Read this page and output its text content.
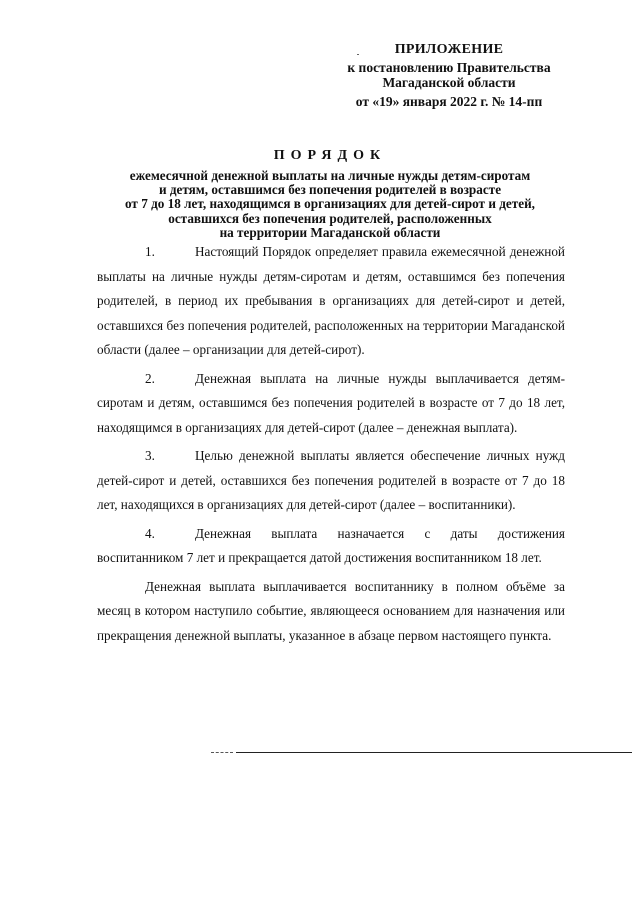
ПРИЛОЖЕНИЕ
к постановлению Правительства
Магаданской области
от «19» января 2022 г. № 14-пп
ПОРЯДОК
ежемесячной денежной выплаты на личные нужды детям-сиротам
и детям, оставшимся без попечения родителей в возрасте
от 7 до 18 лет, находящимся в организациях для детей-сирот и детей,
оставшихся без попечения родителей, расположенных
на территории Магаданской области

1.	Настоящий Порядок определяет правила ежемесячной денежной выплаты на личные нужды детям-сиротам и детям, оставшимся без попечения родителей, в период их пребывания в организациях для детей-сирот и детей, оставшихся без попечения родителей, расположенных на территории Магаданской области (далее – организации для детей-сирот).

2.	Денежная выплата на личные нужды выплачивается детям-сиротам и детям, оставшимся без попечения родителей в возрасте от 7 до 18 лет, находящимся в организациях для детей-сирот (далее – денежная выплата).

3.	Целью денежной выплаты является обеспечение личных нужд детей-сирот и детей, оставшихся без попечения родителей в возрасте от 7 до 18 лет, находящихся в организациях для детей-сирот (далее – воспитанники).

4.	Денежная выплата назначается с даты достижения воспитанником 7 лет и прекращается датой достижения воспитанником 18 лет.

Денежная выплата выплачивается воспитаннику в полном объёме за месяц в котором наступило событие, являющееся основанием для назначения или прекращения денежной выплаты, указанное в абзаце первом настоящего пункта.
